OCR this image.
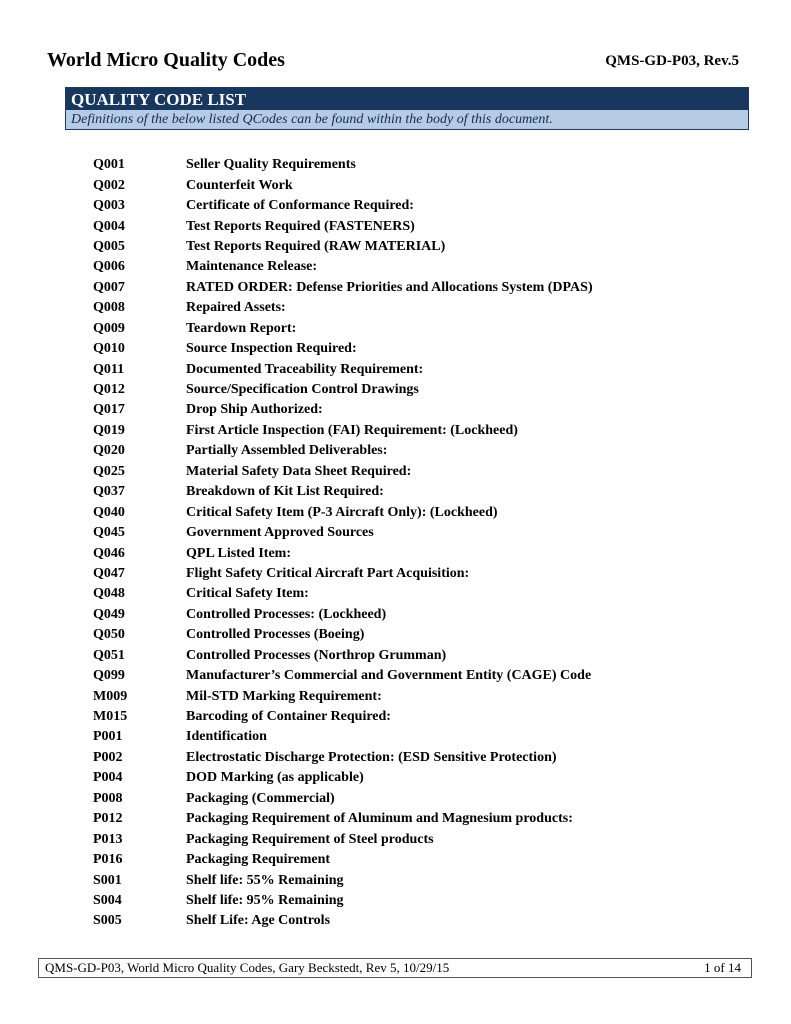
World Micro Quality Codes	QMS-GD-P03, Rev.5
QUALITY CODE LIST
Definitions of the below listed QCodes can be found within the body of this document.
Q001	Seller Quality Requirements
Q002	Counterfeit Work
Q003	Certificate of Conformance Required:
Q004	Test Reports Required (FASTENERS)
Q005	Test Reports Required (RAW MATERIAL)
Q006	Maintenance Release:
Q007	RATED ORDER: Defense Priorities and Allocations System (DPAS)
Q008	Repaired Assets:
Q009	Teardown Report:
Q010	Source Inspection Required:
Q011	Documented Traceability Requirement:
Q012	Source/Specification Control Drawings
Q017	Drop Ship Authorized:
Q019	First Article Inspection (FAI) Requirement: (Lockheed)
Q020	Partially Assembled Deliverables:
Q025	Material Safety Data Sheet Required:
Q037	Breakdown of Kit List Required:
Q040	Critical Safety Item (P-3 Aircraft Only): (Lockheed)
Q045	Government Approved Sources
Q046	QPL Listed Item:
Q047	Flight Safety Critical Aircraft Part Acquisition:
Q048	Critical Safety Item:
Q049	Controlled Processes: (Lockheed)
Q050	Controlled Processes (Boeing)
Q051	Controlled Processes (Northrop Grumman)
Q099	Manufacturer’s Commercial and Government Entity (CAGE) Code
M009	Mil-STD Marking Requirement:
M015	Barcoding of Container Required:
P001	Identification
P002	Electrostatic Discharge Protection: (ESD Sensitive Protection)
P004	DOD Marking (as applicable)
P008	Packaging (Commercial)
P012	Packaging Requirement of Aluminum and Magnesium products:
P013	Packaging Requirement of Steel products
P016	Packaging Requirement
S001	Shelf life: 55% Remaining
S004	Shelf life: 95% Remaining
S005	Shelf Life: Age Controls
QMS-GD-P03, World Micro Quality Codes, Gary Beckstedt, Rev 5, 10/29/15	1 of 14
